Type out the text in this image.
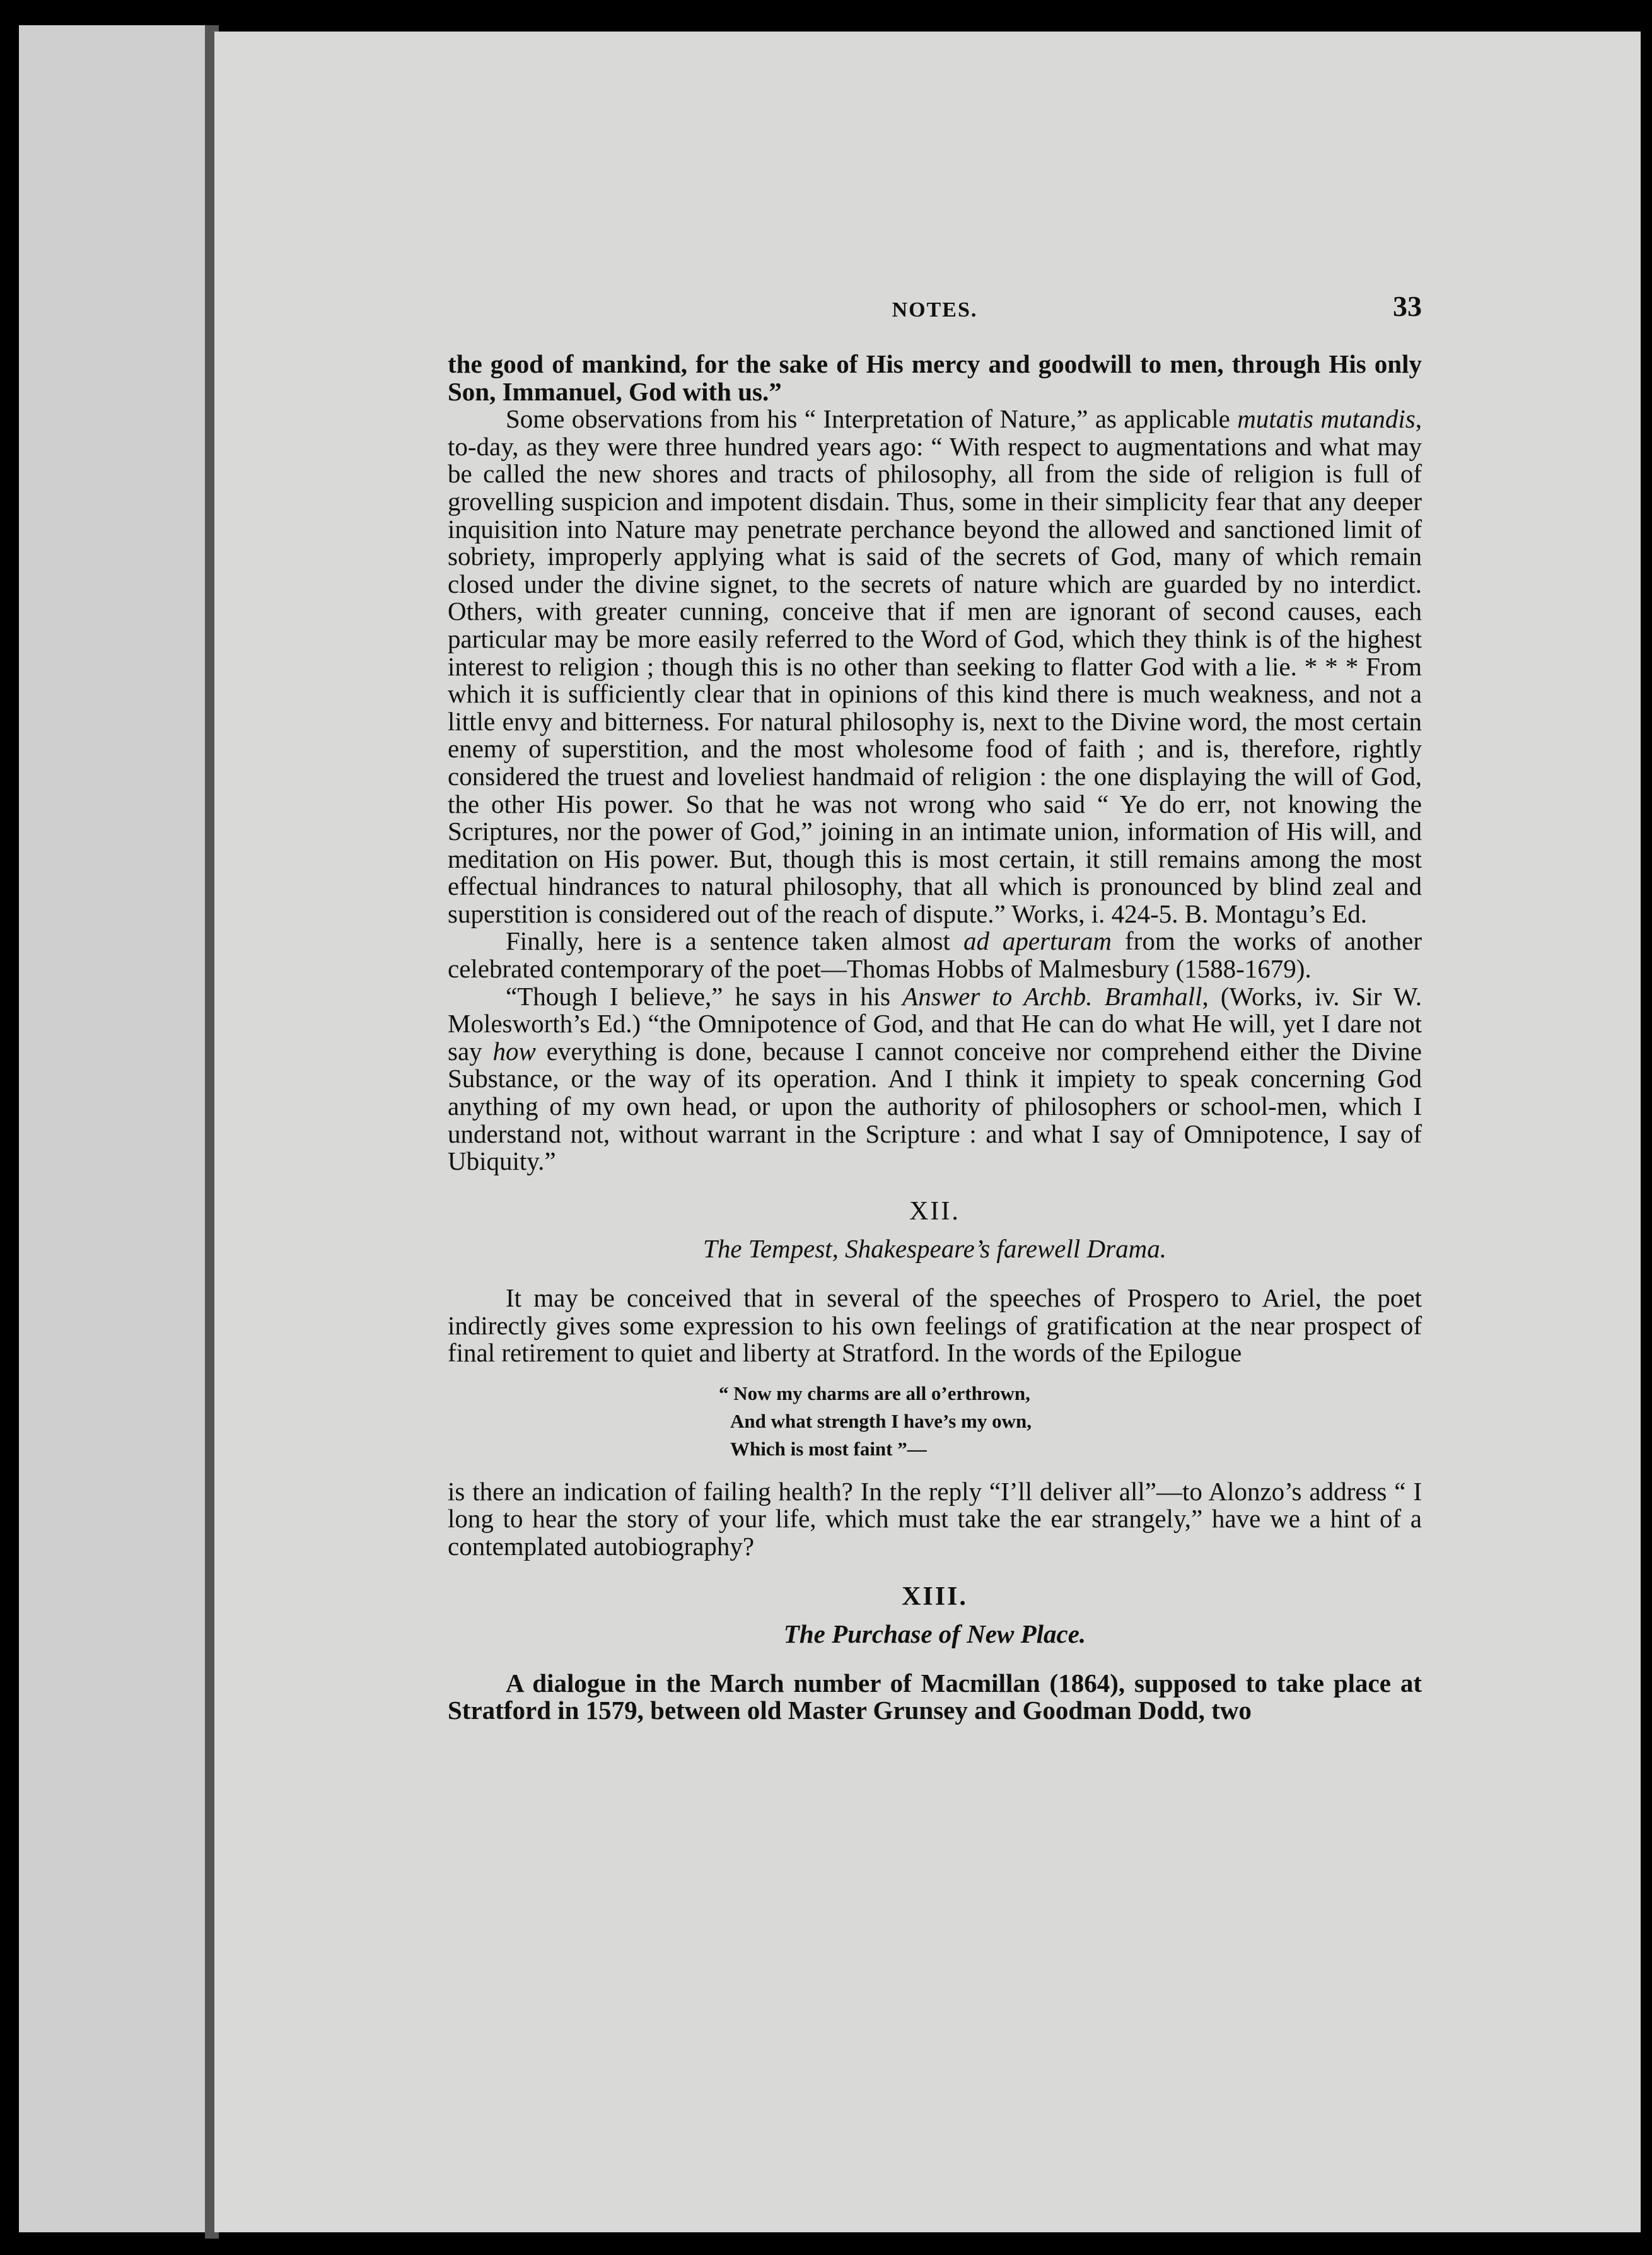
NOTES.	33

the good of mankind, for the sake of His mercy and goodwill to men, through His only Son, Immanuel, God with us.”

Some observations from his “ Interpretation of Nature,” as applicable mutatis mutandis, to-day, as they were three hundred years ago: “ With respect to augmentations and what may be called the new shores and tracts of philosophy, all from the side of religion is full of grovelling suspicion and impotent disdain. Thus, some in their simplicity fear that any deeper inquisition into Nature may penetrate perchance beyond the allowed and sanctioned limit of sobriety, improperly applying what is said of the secrets of God, many of which remain closed under the divine signet, to the secrets of nature which are guarded by no interdict. Others, with greater cunning, conceive that if men are ignorant of second causes, each particular may be more easily referred to the Word of God, which they think is of the highest interest to religion ; though this is no other than seeking to flatter God with a lie. * * * From which it is sufficiently clear that in opinions of this kind there is much weakness, and not a little envy and bitterness. For natural philosophy is, next to the Divine word, the most certain enemy of superstition, and the most wholesome food of faith ; and is, therefore, rightly considered the truest and loveliest handmaid of religion : the one displaying the will of God, the other His power. So that he was not wrong who said “ Ye do err, not knowing the Scriptures, nor the power of God,” joining in an intimate union, information of His will, and meditation on His power. But, though this is most certain, it still remains among the most effectual hindrances to natural philosophy, that all which is pronounced by blind zeal and superstition is considered out of the reach of dispute.” Works, i. 424-5. B. Montagu’s Ed.

Finally, here is a sentence taken almost ad aperturam from the works of another celebrated contemporary of the poet—Thomas Hobbs of Malmesbury (1588-1679).

“Though I believe,” he says in his Answer to Archb. Bramhall, (Works, iv. Sir W. Molesworth’s Ed.) “the Omnipotence of God, and that He can do what He will, yet I dare not say how everything is done, because I cannot conceive nor comprehend either the Divine Substance, or the way of its operation. And I think it impiety to speak concerning God anything of my own head, or upon the authority of philosophers or school-men, which I understand not, without warrant in the Scripture : and what I say of Omnipotence, I say of Ubiquity.”

XII.

The Tempest, Shakespeare’s farewell Drama.

It may be conceived that in several of the speeches of Prospero to Ariel, the poet indirectly gives some expression to his own feelings of gratification at the near prospect of final retirement to quiet and liberty at Stratford. In the words of the Epilogue

“ Now my charms are all o’erthrown,
And what strength I have’s my own,
Which is most faint ”—

is there an indication of failing health? In the reply “I’ll deliver all”—to Alonzo’s address “ I long to hear the story of your life, which must take the ear strangely,” have we a hint of a contemplated autobiography?

XIII.

The Purchase of New Place.

A dialogue in the March number of Macmillan (1864), supposed to take place at Stratford in 1579, between old Master Grunsey and Goodman Dodd, two
